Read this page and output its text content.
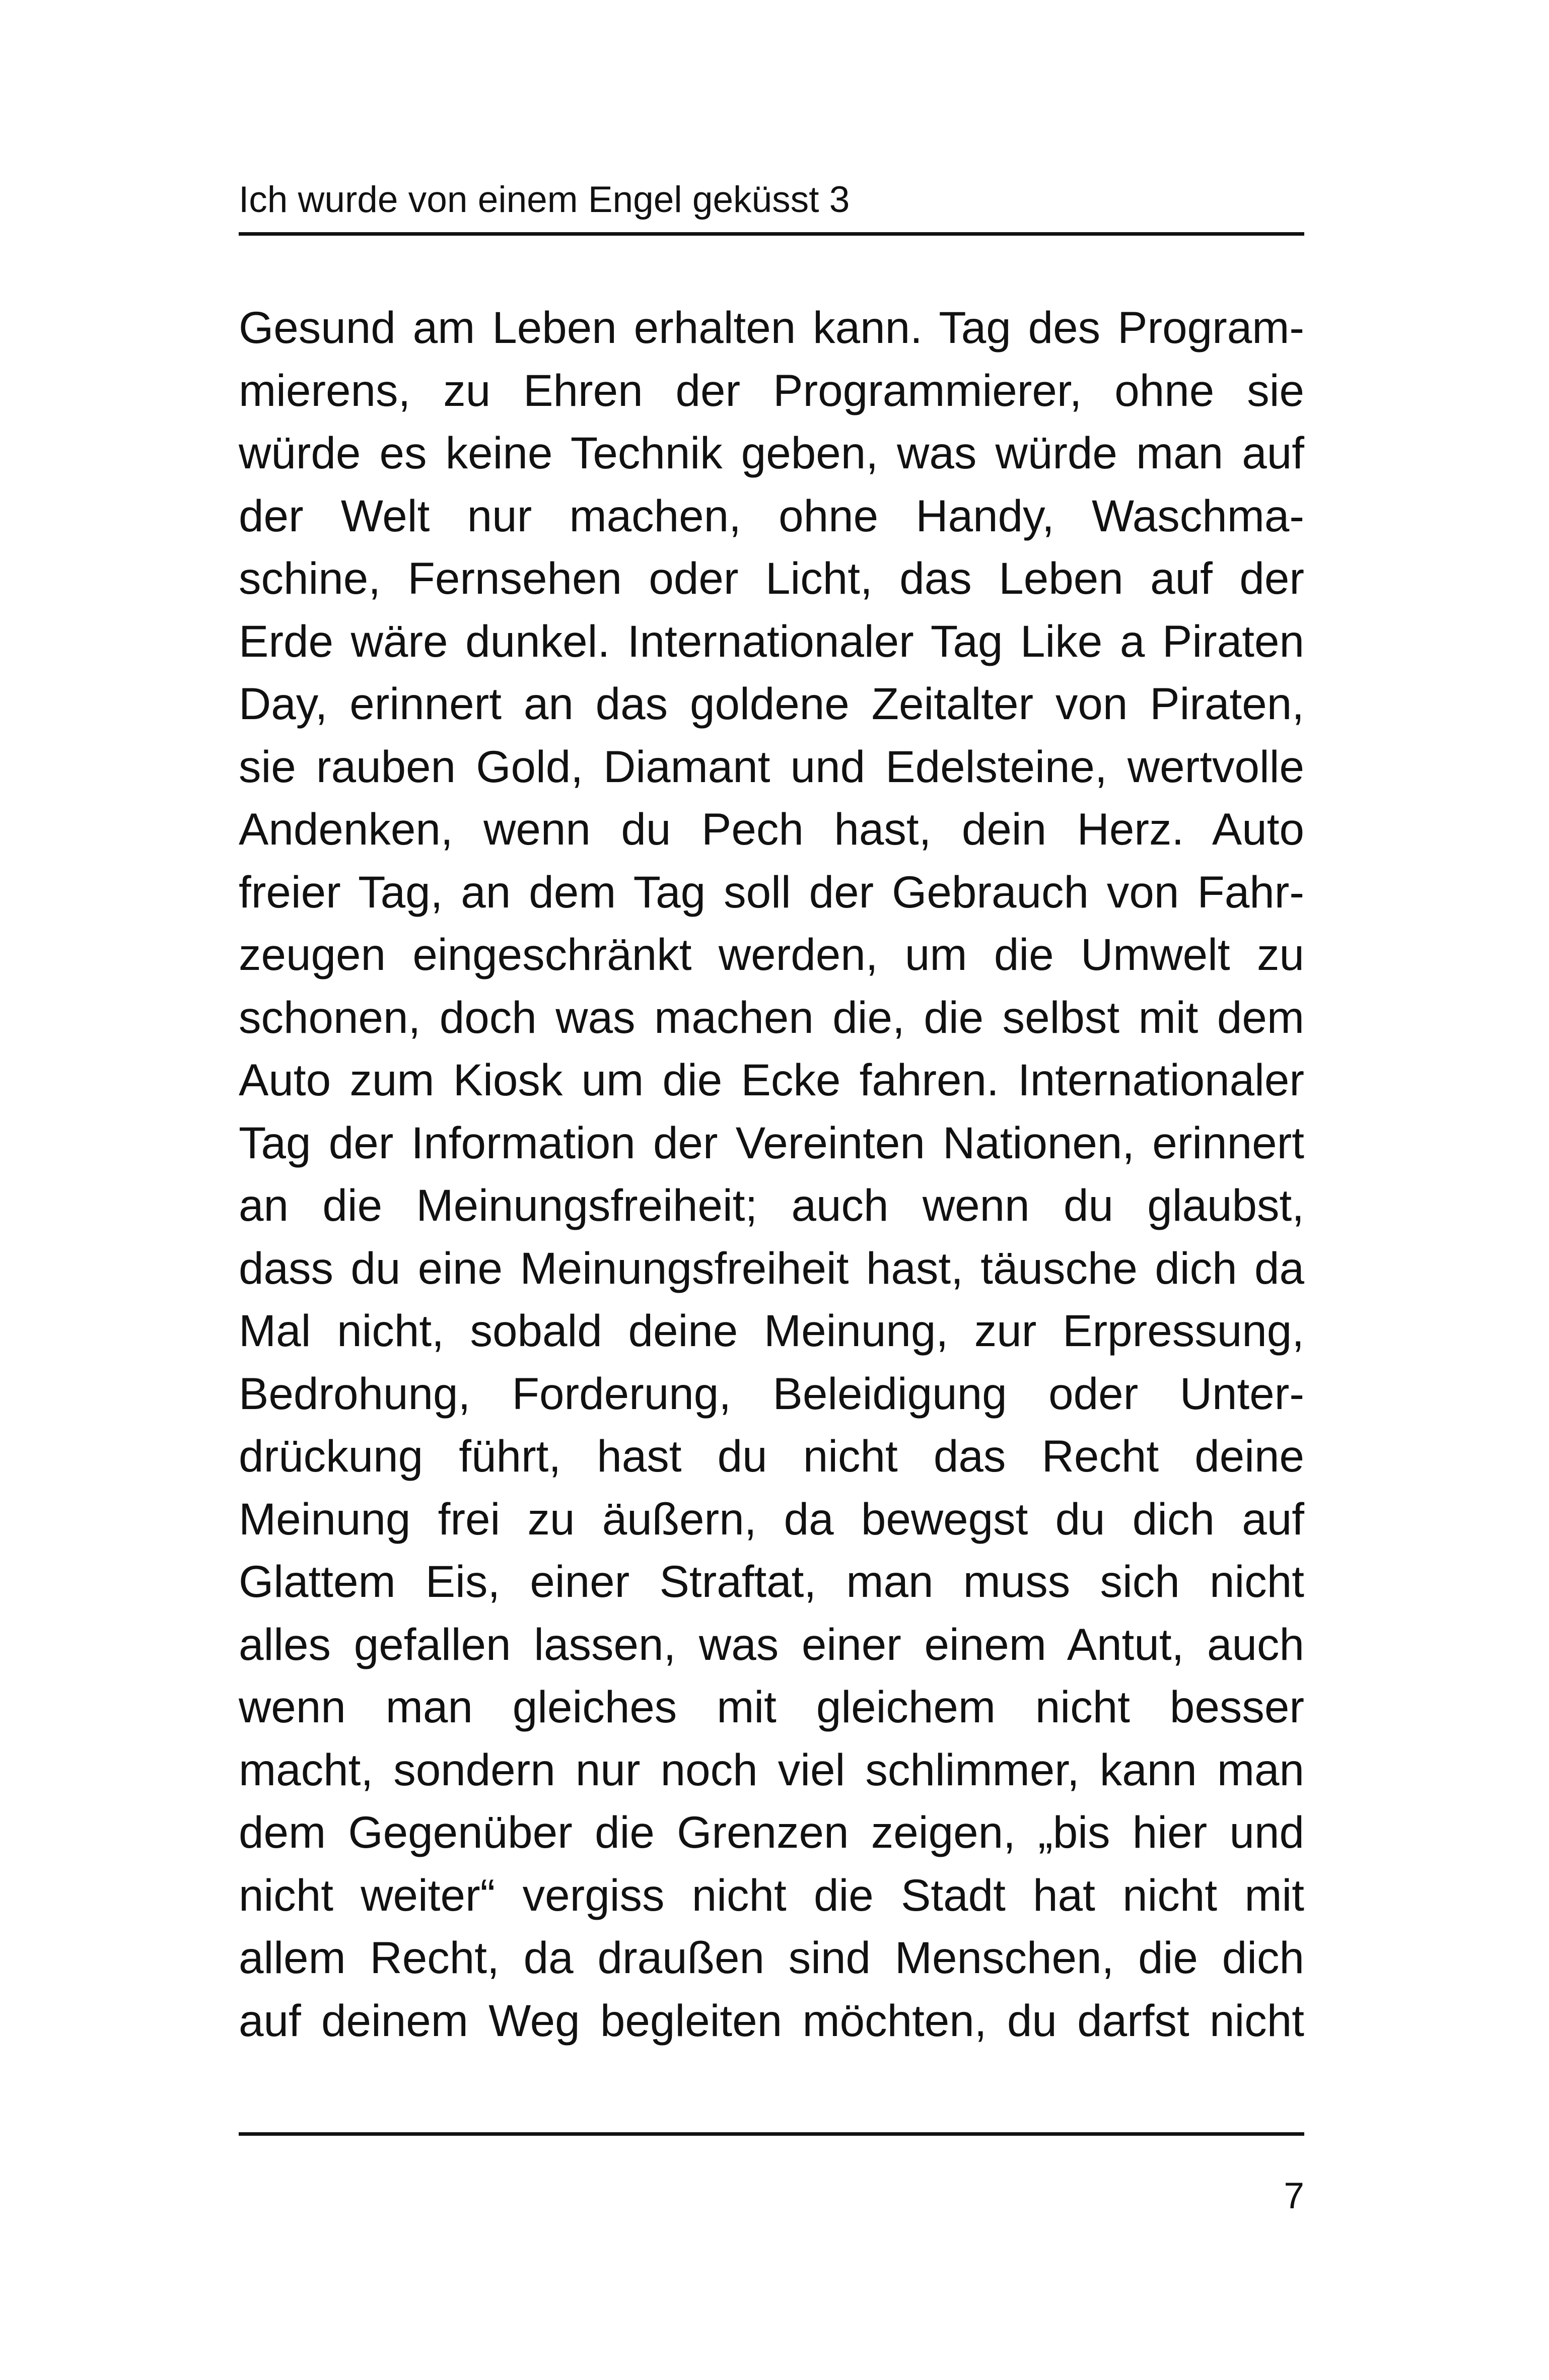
Ich wurde von einem Engel geküsst 3
Gesund am Leben erhalten kann. Tag des Program-
mierens, zu Ehren der Programmierer, ohne sie
würde es keine Technik geben, was würde man auf
der Welt nur machen, ohne Handy, Waschma-
schine, Fernsehen oder Licht, das Leben auf der
Erde wäre dunkel. Internationaler Tag Like a Piraten
Day, erinnert an das goldene Zeitalter von Piraten,
sie rauben Gold, Diamant und Edelsteine, wertvolle
Andenken, wenn du Pech hast, dein Herz. Auto
freier Tag, an dem Tag soll der Gebrauch von Fahr-
zeugen eingeschränkt werden, um die Umwelt zu
schonen, doch was machen die, die selbst mit dem
Auto zum Kiosk um die Ecke fahren. Internationaler
Tag der Information der Vereinten Nationen, erinnert
an die Meinungsfreiheit; auch wenn du glaubst,
dass du eine Meinungsfreiheit hast, täusche dich da
Mal nicht, sobald deine Meinung, zur Erpressung,
Bedrohung, Forderung, Beleidigung oder Unter-
drückung führt, hast du nicht das Recht deine
Meinung frei zu äußern, da bewegst du dich auf
Glattem Eis, einer Straftat, man muss sich nicht
alles gefallen lassen, was einer einem Antut, auch
wenn man gleiches mit gleichem nicht besser
macht, sondern nur noch viel schlimmer, kann man
dem Gegenüber die Grenzen zeigen, „bis hier und
nicht weiter“ vergiss nicht die Stadt hat nicht mit
allem Recht, da draußen sind Menschen, die dich
auf deinem Weg begleiten möchten, du darfst nicht
7
